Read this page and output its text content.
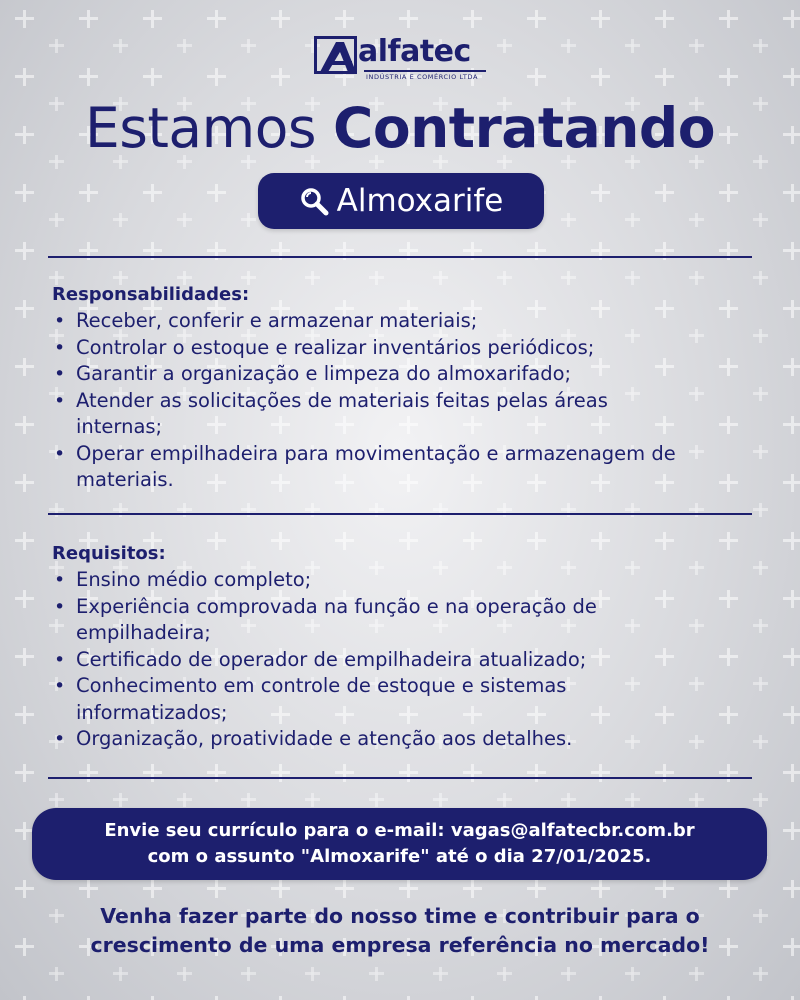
alfatec
INDÚSTRIA E COMÉRCIO LTDA
Estamos Contratando
Almoxarife
Responsabilidades:
• Receber, conferir e armazenar materiais;
• Controlar o estoque e realizar inventários periódicos;
• Garantir a organização e limpeza do almoxarifado;
• Atender as solicitações de materiais feitas pelas áreas internas;
• Operar empilhadeira para movimentação e armazenagem de materiais.
Requisitos:
• Ensino médio completo;
• Experiência comprovada na função e na operação de empilhadeira;
• Certificado de operador de empilhadeira atualizado;
• Conhecimento em controle de estoque e sistemas informatizados;
• Organização, proatividade e atenção aos detalhes.
Envie seu currículo para o e-mail: vagas@alfatecbr.com.br
com o assunto "Almoxarife" até o dia 27/01/2025.
Venha fazer parte do nosso time e contribuir para o
crescimento de uma empresa referência no mercado!
